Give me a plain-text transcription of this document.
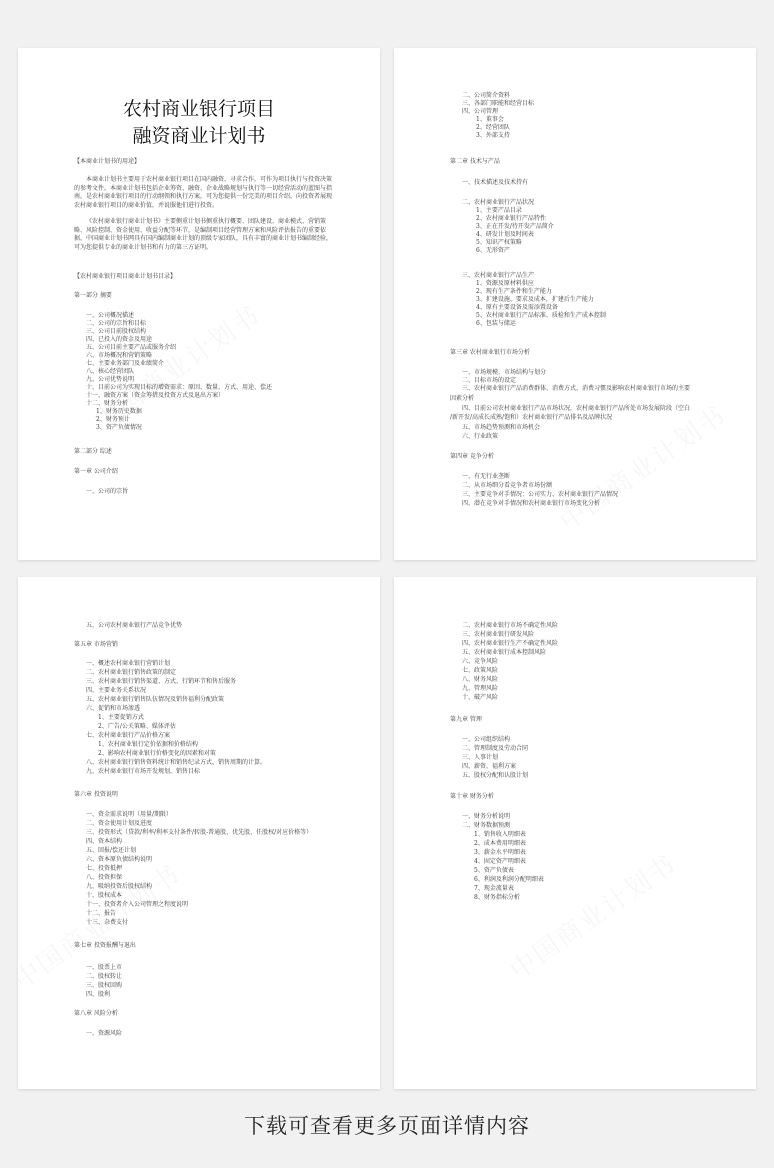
农村商业银行项目
融资商业计划书
【本商业计划书的用途】
本商业计划书主要用于农村商业银行项目在国内融资、寻求合作，可作为项目执行与投资决策的参考文件。本商业计划书包括企业筹资、融资、企业战略规划与执行等一切经营活动的蓝图与指南，是农村商业银行项目的行动纲领和执行方案，可为您提供一份完美的项目介绍，向投资者展现农村商业银行项目的商业价值，并说服他们进行投资。
《农村商业银行商业计划书》主要侧重计划书侧重执行概要、团队建设、商业模式、营销策略、风险控制、资金使用、收益分配等环节，是编制项目经营管理方案和风险评估报告的重要依据，中国商业计划书网具有国内编制商业计划的顶级专家团队，具有丰富的商业计划书编制经验，可为您提供专业的商业计划书和有力的第三方证明。
【农村商业银行项目商业计划书目录】
第一部分 摘要
一、公司概况描述
二、公司的宗旨和目标
三、公司目前股权结构
四、已投入的资金及用途
五、公司目前主要产品或服务介绍
六、市场概况和营销策略
七、主要业务部门及业绩简介
八、核心经营团队
九、公司优势说明
十、目前公司为实现目标的增资需求：原因、数量、方式、用途、偿还
十一、融资方案（资金筹措及投资方式及退出方案）
十二、财务分析
1、财务历史数据
2、财务预计
3、资产负债情况
第二部分 综述
第一章 公司介绍
一、公司的宗旨
二、公司简介资料
三、各部门职能和经营目标
四、公司管理
1、董事会
2、经营团队
3、外部支持
第二章 技术与产品
一、技术描述及技术持有
二、农村商业银行产品状况
1、主要产品目录
2、农村商业银行产品特性
3、正在开发/待开发产品简介
4、研发计划及时间表
5、知识产权策略
6、无形资产
三、农村商业银行产品生产
1、资源及原材料供应
2、现有生产条件和生产能力
3、扩建设施、要求及成本，扩建后生产能力
4、原有主要设备及需添置设备
5、农村商业银行产品标准、质检和生产成本控制
6、包装与储运
第三章 农村商业银行市场分析
一、市场规模、市场结构与划分
二、目标市场的设定
三、农村商业银行产品消费群体、消费方式、消费习惯及影响农村商业银行市场的主要
因素分析
四、目前公司农村商业银行产品市场状况，农村商业银行产品所处市场发展阶段（空白
/新开发/高成长成熟/饱和）农村商业银行产品排名及品牌状况
五、市场趋势预测和市场机会
六、行业政策
第四章 竞争分析
一、有无行业垄断
二、从市场细分看竞争者市场份额
三、主要竞争对手情况：公司实力、农村商业银行产品情况
四、潜在竞争对手情况和农村商业银行市场变化分析
五、公司农村商业银行产品竞争优势
第五章 市场营销
一、概述农村商业银行营销计划
二、农村商业银行销售政策的制定
三、农村商业银行销售渠道、方式、行销环节和售后服务
四、主要业务关系状况
五、农村商业银行销售队伍情况及销售福利分配政策
六、促销和市场渗透
1、主要促销方式
2、广告/公关策略、媒体评估
七、农村商业银行产品价格方案
1、农村商业银行定价依据和价格结构
2、影响农村商业银行价格变化的因素和对策
八、农村商业银行销售资料统计和销售纪录方式，销售周期的计算。
九、农村商业银行市场开发规划，销售目标
第六章 投资说明
一、资金需求说明（用量/期限）
二、资金使用计划及进度
三、投资形式（贷款/利率/利率支付条件/转股-普通股、优先股、任股权/对应价格等）
四、资本结构
五、回报/偿还计划
六、资本原负债结构说明
七、投资抵押
八、投资担保
九、吸纳投资后股权结构
十、股权成本
十一、投资者介入公司管理之程度说明
十二、报告
十三、杂费支付
第七章 投资报酬与退出
一、股票上市
二、股权转让
三、股权回购
四、股利
第八章 风险分析
一、资源风险
二、农村商业银行市场不确定性风险
三、农村商业银行研发风险
四、农村商业银行生产不确定性风险
五、农村商业银行成本控制风险
六、竞争风险
七、政策风险
八、财务风险
九、管理风险
十、破产风险
第九章 管理
一、公司组织结构
二、管理制度及劳动合同
三、人事计划
四、薪资、福利方案
五、股权分配和认股计划
第十章 财务分析
一、财务分析说明
二、财务数据预测
1、销售收入明细表
2、成本费用明细表
3、薪金水平明细表
4、固定资产明细表
5、资产负债表
6、利润及利润分配明细表
7、现金流量表
8、财务指标分析
下载可查看更多页面详情内容
